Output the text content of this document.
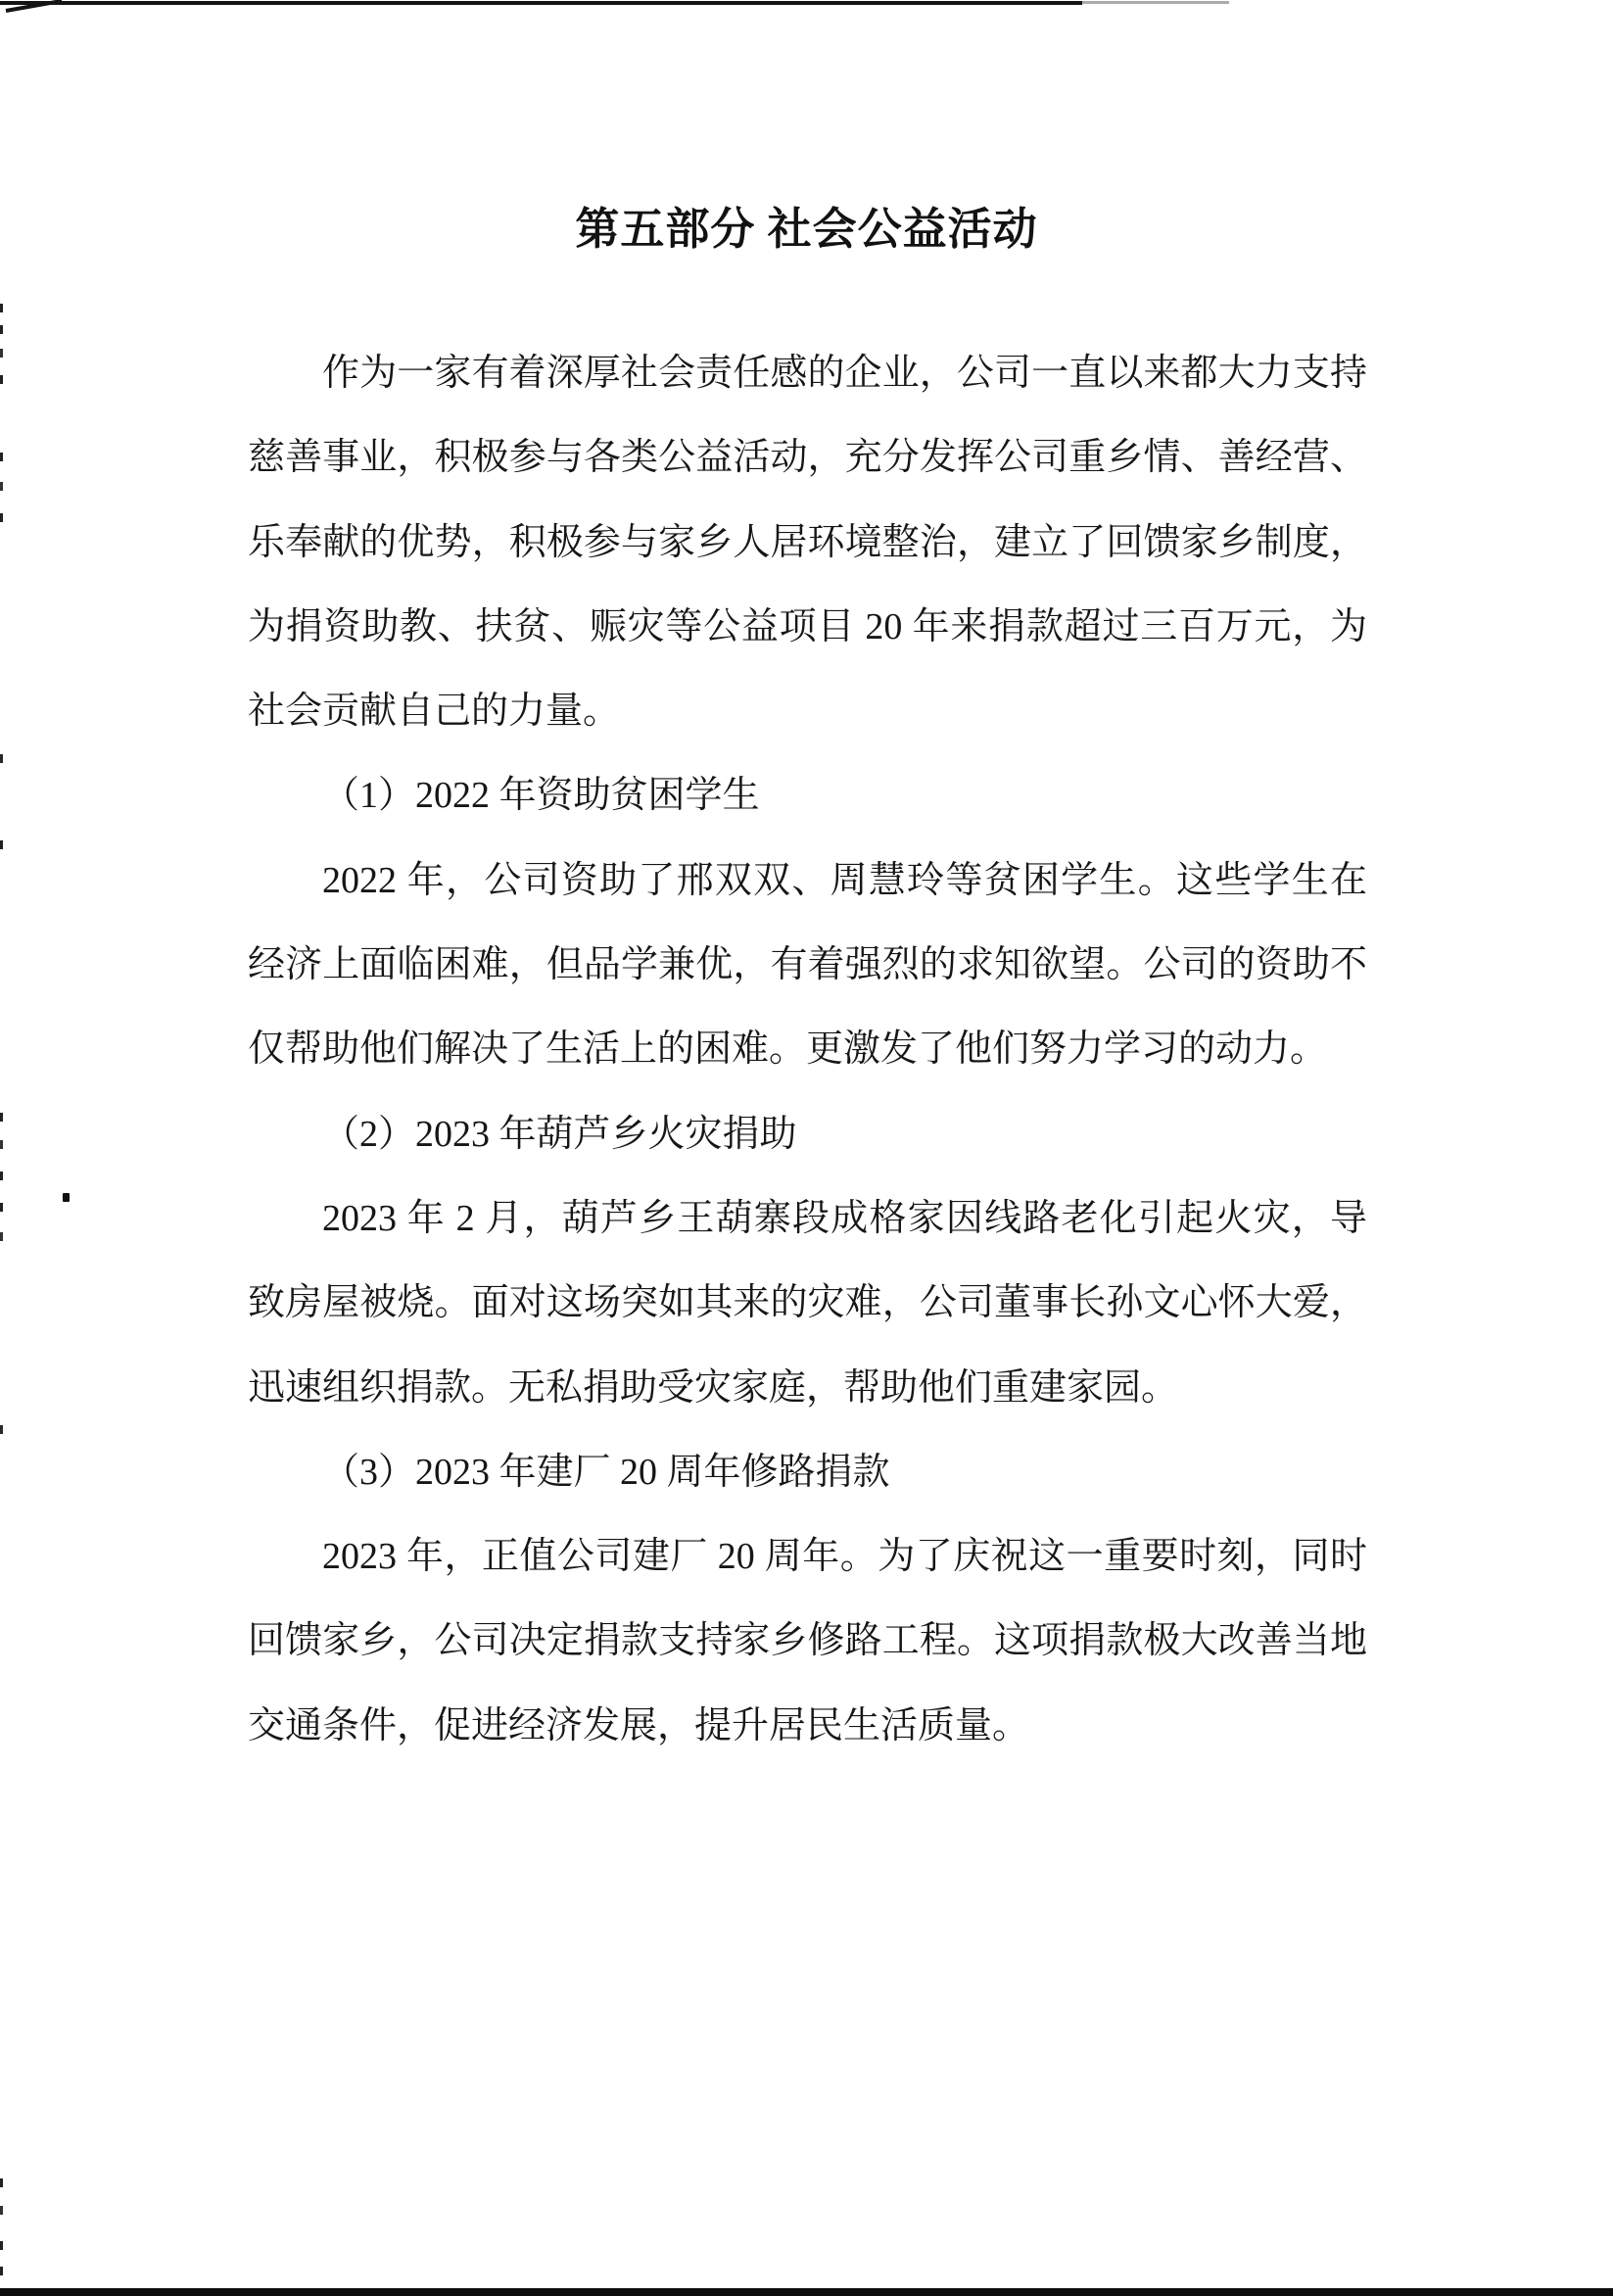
第五部分 社会公益活动
作为一家有着深厚社会责任感的企业，公司一直以来都大力支持
慈善事业，积极参与各类公益活动，充分发挥公司重乡情、善经营、
乐奉献的优势，积极参与家乡人居环境整治，建立了回馈家乡制度，
为捐资助教、扶贫、赈灾等公益项目 20 年来捐款超过三百万元，为
社会贡献自己的力量。
（1）2022 年资助贫困学生
2022 年，公司资助了邢双双、周慧玲等贫困学生。这些学生在
经济上面临困难，但品学兼优，有着强烈的求知欲望。公司的资助不
仅帮助他们解决了生活上的困难。更激发了他们努力学习的动力。
（2）2023 年葫芦乡火灾捐助
2023 年 2 月，葫芦乡王葫寨段成格家因线路老化引起火灾，导
致房屋被烧。面对这场突如其来的灾难，公司董事长孙文心怀大爱，
迅速组织捐款。无私捐助受灾家庭，帮助他们重建家园。
（3）2023 年建厂 20 周年修路捐款
2023 年，正值公司建厂 20 周年。为了庆祝这一重要时刻，同时
回馈家乡，公司决定捐款支持家乡修路工程。这项捐款极大改善当地
交通条件，促进经济发展，提升居民生活质量。
